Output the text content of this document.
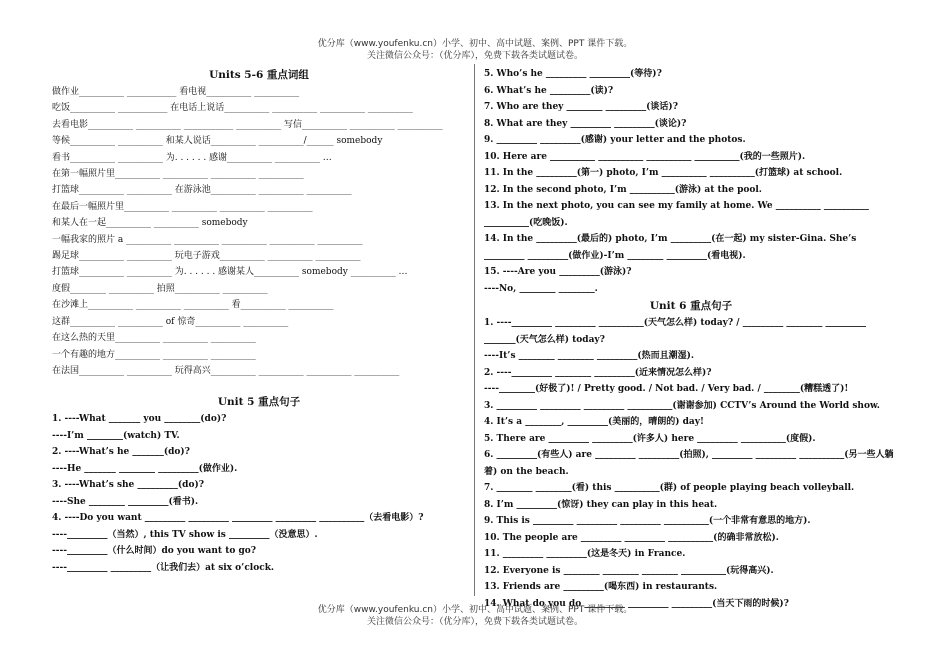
优分库（www.youfenku.cn）小学、初中、高中试题、案例、PPT 课件下载。
关注微信公众号：（优分库），免费下载各类试题试卷。
Units 5-6 重点词组
做作业__________ ___________ 看电视__________ __________
吃饭__________ ___________ 在电话上说话__________ __________ __________ __________
去看电影__________ __________ ___________ __________ 写信__________ __________ __________
等候__________ __________ 和某人说话__________ __________/______ somebody
看书__________ __________ 为. . . . . . 感谢__________ __________ …
在第一幅照片里__________ __________ __________ __________
打篮球__________ __________ 在游泳池__________ __________ __________
在最后一幅照片里__________ __________ __________ __________
和某人在一起__________ __________ somebody
一幅我家的照片 a __________ __________ __________ __________ __________
踢足球__________ __________ 玩电子游戏__________ __________ __________
打篮球__________ __________ 为. . . . . . 感谢某人__________ somebody __________ …
度假________ __________ 拍照__________ __________
在沙滩上__________ __________ __________ 看__________ __________
这群__________ __________ of 惊奇__________ __________
在这么热的天里__________ __________ __________
一个有趣的地方__________ __________ __________
在法国__________ __________ 玩得高兴__________ __________ __________ __________
Unit 5 重点句子
1. ----What _______ you ________(do)?
----I’m ________(watch) TV.
2. ----What’s he _______(do)?
----He _______ ________ _________(做作业).
3. ----What’s she _________(do)?
----She ________ _________(看书).
4. ----Do you want _________ _________ _________ _________ __________（去看电影）?
----_________（当然）, this TV show is _________（没意思）.
----_________（什么时间）do you want to go?
----_________ _________（让我们去）at six o’clock.
5. Who’s he _________ _________(等待)?
6. What’s he _________(读)?
7. Who are they ________ _________(谈话)?
8. What are they _________ _________(谈论)?
9. _________ _________(感谢) your letter and the photos.
10. Here are __________ __________ __________ __________(我的一些照片).
11. In the _________(第一) photo, I’m __________ __________(打篮球) at school.
12. In the second photo, I’m __________(游泳) at the pool.
13. In the next photo, you can see my family at home. We __________ __________ __________(吃晚饭).
14. In the _________(最后的) photo, I’m _________(在一起) my sister-Gina. She’s _________ _________(做作业)-I’m ________ _________(看电视).
15. ----Are you _________(游泳)?
----No, ________ ________.
Unit 6 重点句子
1. ----_________ _________ __________(天气怎么样) today? / _________ ________ _________ _______(天气怎么样) today?
----It’s ________ ________ _________(热而且潮湿).
2. ----_________ ________ _________(近来情况怎么样)?
----________(好极了)! / Pretty good. / Not bad. / Very bad. / ________(糟糕透了)!
3. _________ _________ _________ __________(谢谢参加) CCTV’s Around the World show.
4. It’s a ________, _________(美丽的，晴朗的) day!
5. There are _________ _________(许多人) here _________ __________(度假).
6. _________(有些人) are _________ _________(拍照), _________ _________ __________(另一些人躺着) on the beach.
7. ________ ________(看) this __________(群) of people playing beach volleyball.
8. I’m _________(惊讶) they can play in this heat.
9. This is _________ _________ _________ __________(一个非常有意思的地方).
10. The people are _________ _________ __________(的确非常放松).
11. _________ _________(这是冬天) in France.
12. Everyone is ________ ________ ________ __________(玩得高兴).
13. Friends are _________(喝东西) in restaurants.
14. What do you do _________ _________ _________(当天下雨的时候)?
优分库（www.youfenku.cn）小学、初中、高中试题、案例、PPT 课件下载。
关注微信公众号：（优分库），免费下载各类试题试卷。
